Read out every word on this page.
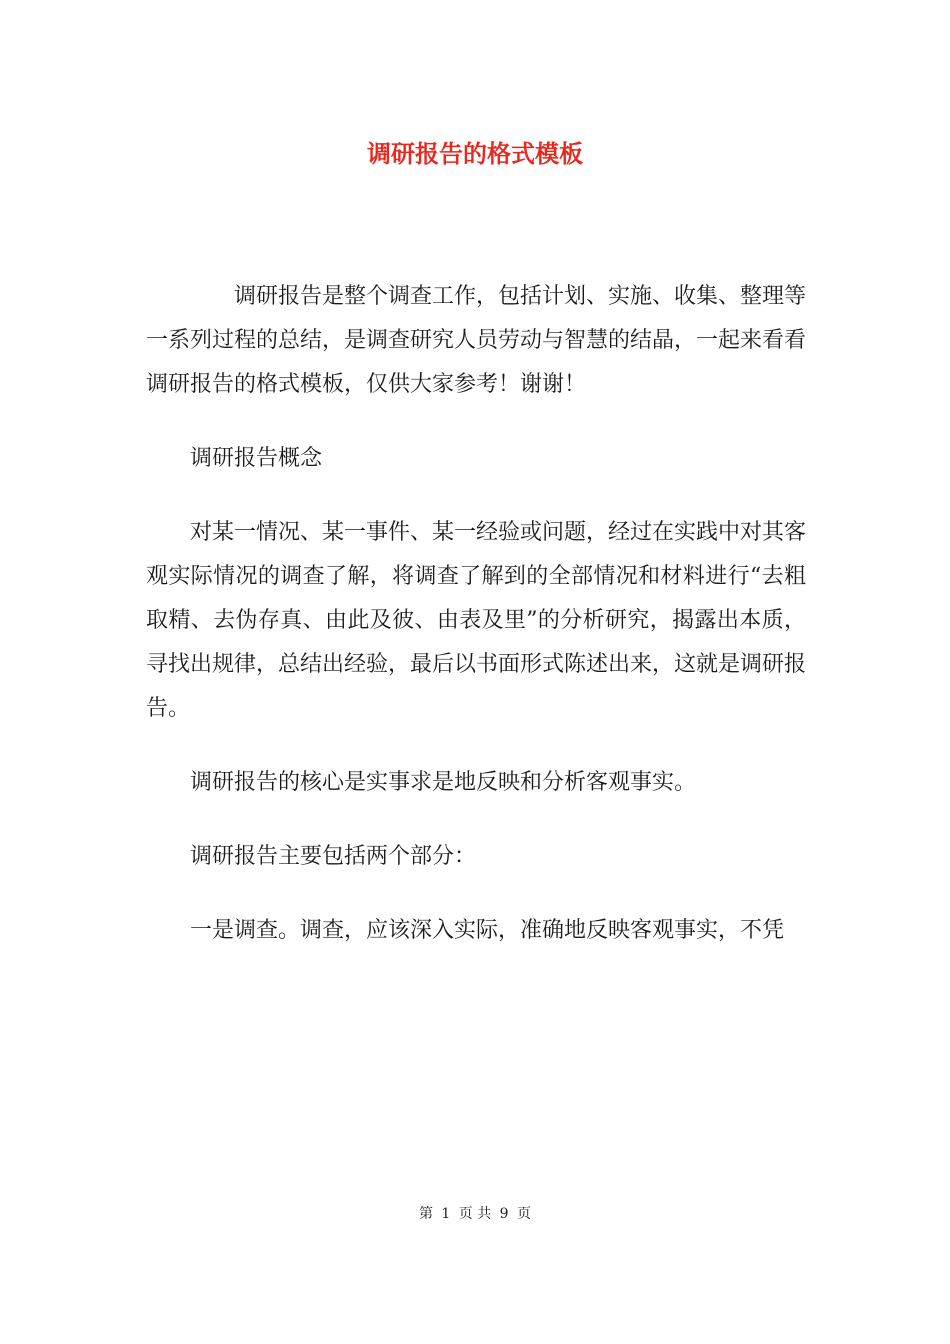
调研报告的格式模板

调研报告是整个调查工作，包括计划、实施、收集、整理等一系列过程的总结，是调查研究人员劳动与智慧的结晶，一起来看看调研报告的格式模板，仅供大家参考！谢谢！

调研报告概念

对某一情况、某一事件、某一经验或问题，经过在实践中对其客观实际情况的调查了解，将调查了解到的全部情况和材料进行“去粗取精、去伪存真、由此及彼、由表及里”的分析研究，揭露出本质，寻找出规律，总结出经验，最后以书面形式陈述出来，这就是调研报告。

调研报告的核心是实事求是地反映和分析客观事实。

调研报告主要包括两个部分：

一是调查。调查，应该深入实际，准确地反映客观事实，不凭

第 1 页 共 9 页
